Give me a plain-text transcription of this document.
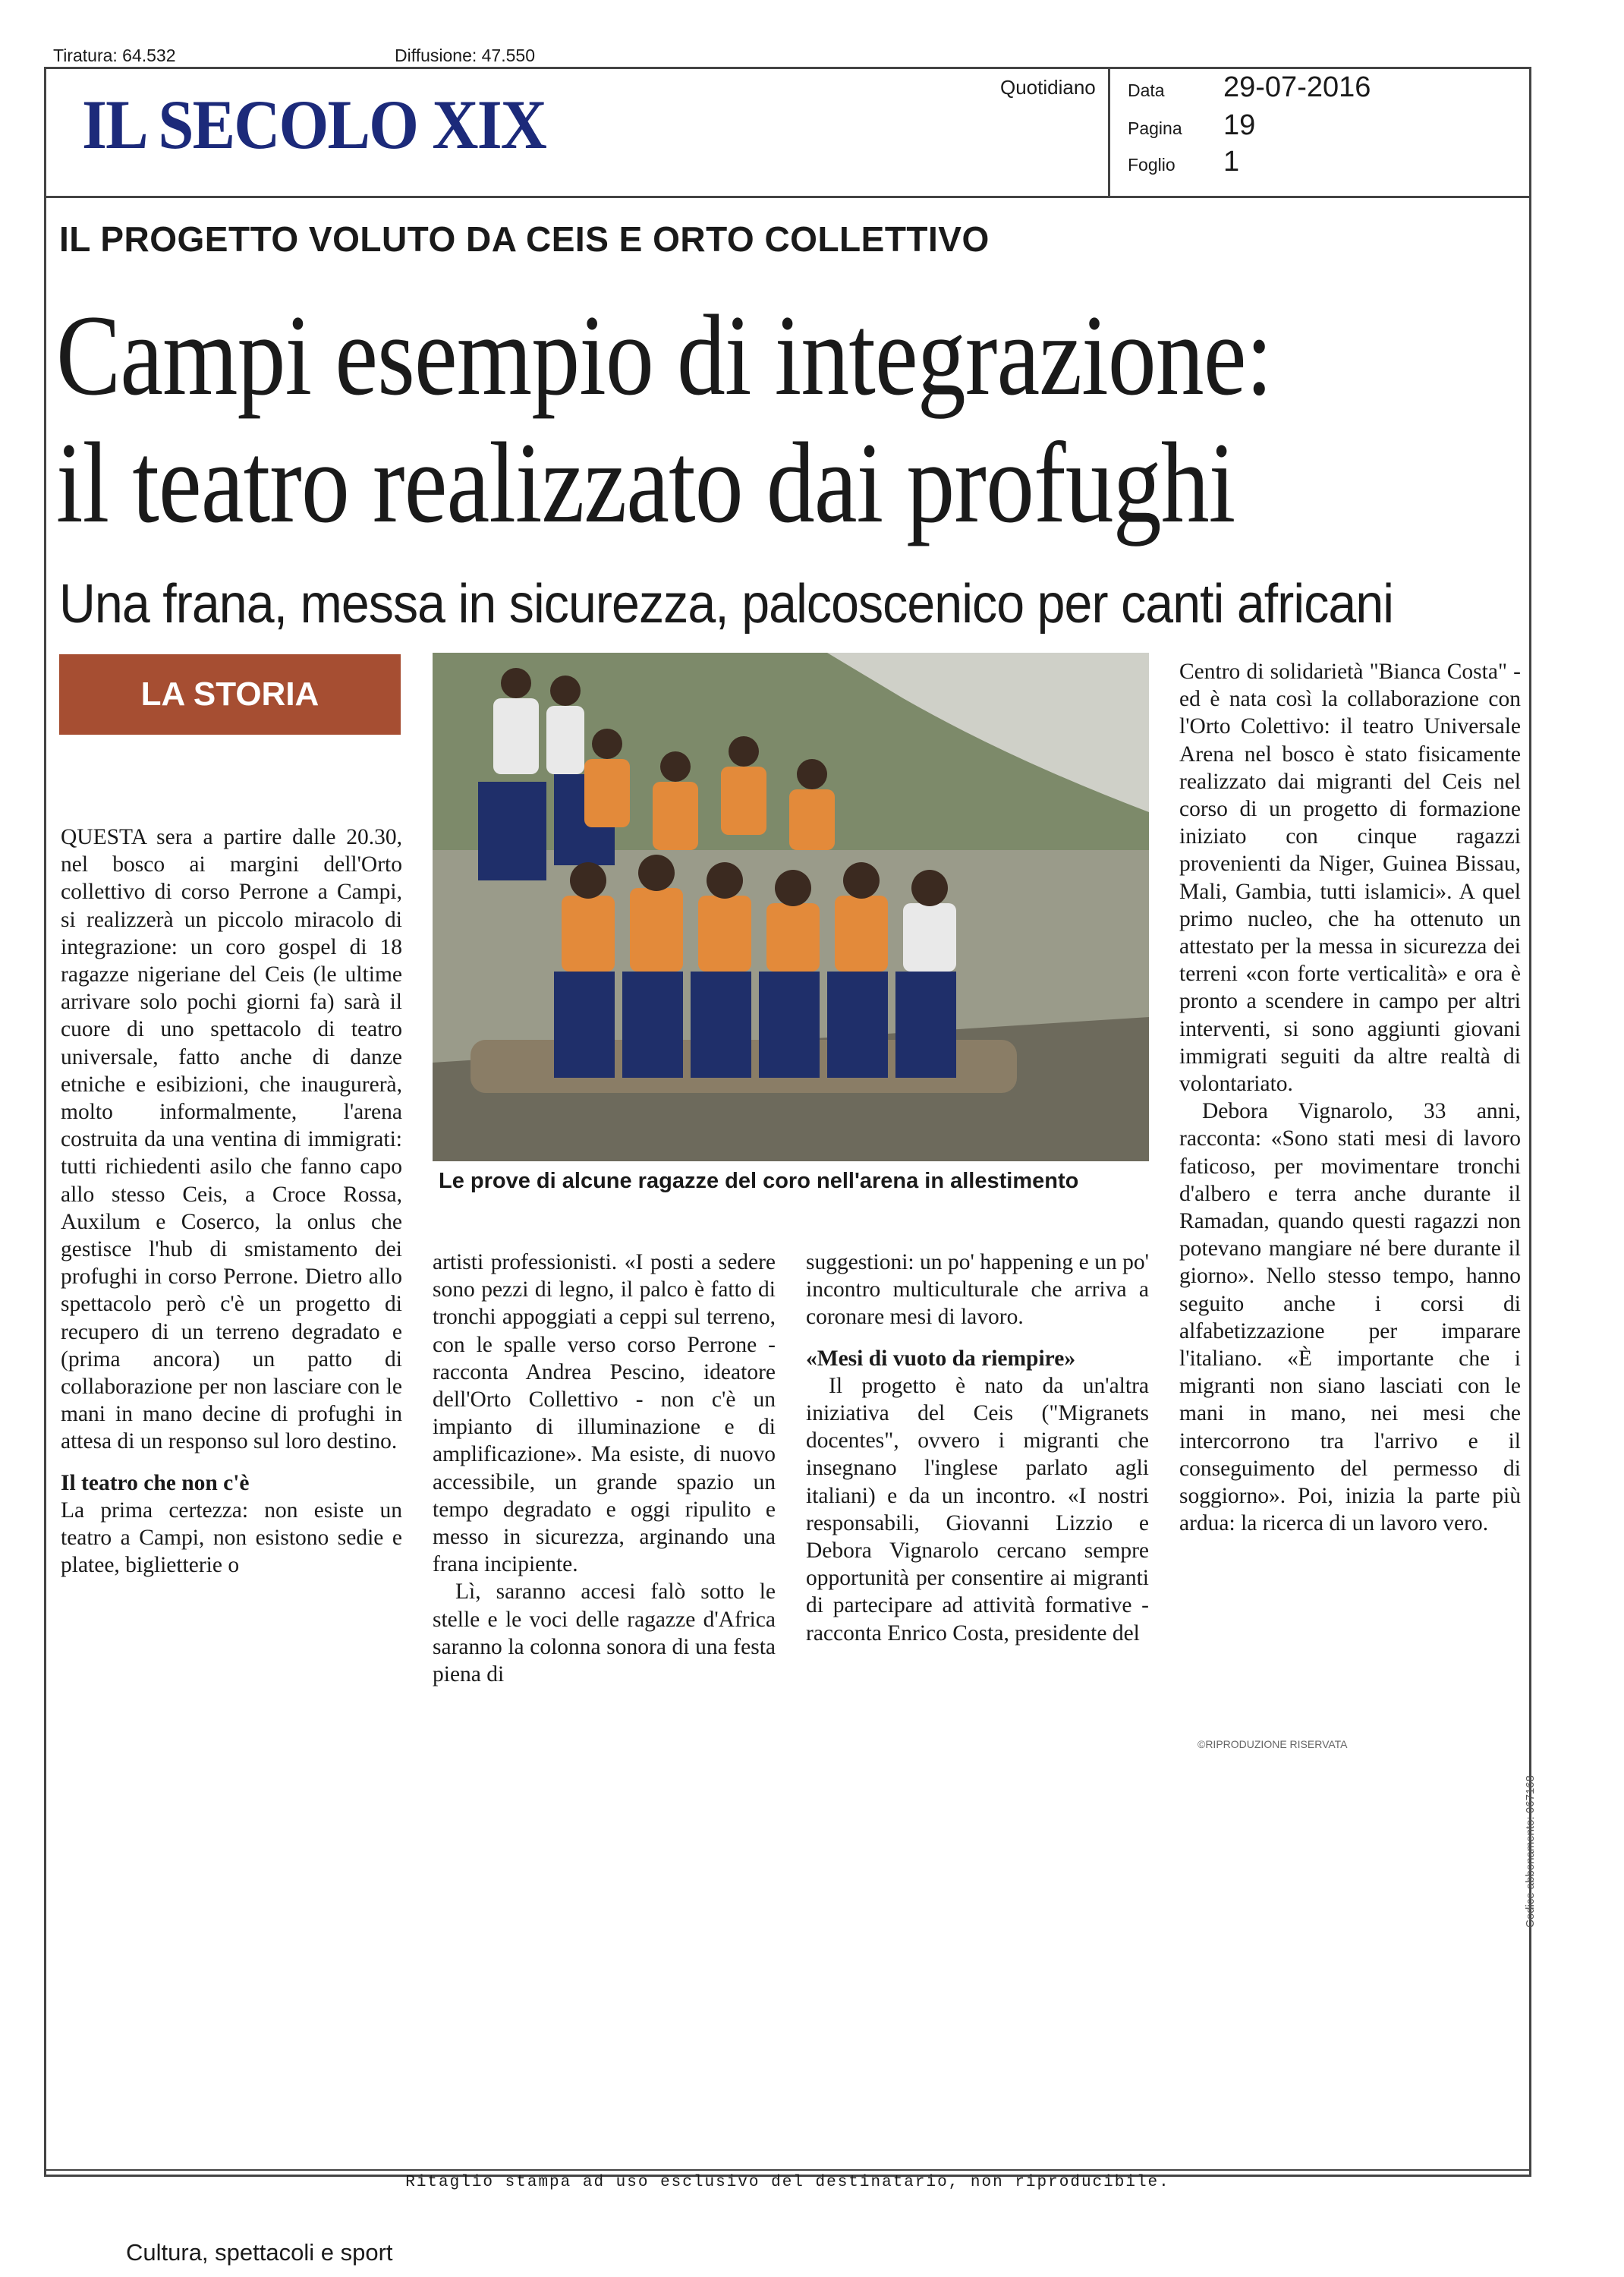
Tiratura: 64.532	Diffusione: 47.550
IL SECOLO XIX	Quotidiano Data 29-07-2016
Pagina 19
Foglio 1
IL PROGETTO VOLUTO DA CEIS E ORTO COLLETTIVO
Campi esempio di integrazione:
il teatro realizzato dai profughi
Una frana, messa in sicurezza, palcoscenico per canti africani
LA STORIA
Le prove di alcune ragazze del coro nell'arena in allestimento

QUESTA sera a partire dalle 20.30, nel bosco ai margini dell'Orto collettivo di corso Perrone a Campi, si realizzerà un piccolo miracolo di integrazione: un coro gospel di 18 ragazze nigeriane del Ceis (le ultime arrivare solo pochi giorni fa) sarà il cuore di uno spettacolo di teatro universale, fatto anche di danze etniche e esibizioni, che inaugurerà, molto informalmente, l'arena costruita da una ventina di immigrati: tutti richiedenti asilo che fanno capo allo stesso Ceis, a Croce Rossa, Auxilum e Coserco, la onlus che gestisce l'hub di smistamento dei profughi in corso Perrone. Dietro allo spettacolo però c'è un progetto di recupero di un terreno degradato e (prima ancora) un patto di collaborazione per non lasciare con le mani in mano decine di profughi in attesa di un responso sul loro destino.

Il teatro che non c'è

La prima certezza: non esiste un teatro a Campi, non esistono sedie e platee, biglietterie o

artisti professionisti. «I posti a sedere sono pezzi di legno, il palco è fatto di tronchi appoggiati a ceppi sul terreno, con le spalle verso corso Perrone - racconta Andrea Pescino, ideatore dell'Orto Collettivo - non c'è un impianto di illuminazione e di amplificazione». Ma esiste, di nuovo accessibile, un grande spazio un tempo degradato e oggi ripulito e messo in sicurezza, arginando una frana incipiente.

Lì, saranno accesi falò sotto le stelle e le voci delle ragazze d'Africa saranno la colonna sonora di una festa piena di

suggestioni: un po' happening e un po' incontro multiculturale che arriva a coronare mesi di lavoro.

«Mesi di vuoto da riempire»

Il progetto è nato da un'altra iniziativa del Ceis ("Migranets docentes", ovvero i migranti che insegnano l'inglese parlato agli italiani) e da un incontro. «I nostri responsabili, Giovanni Lizzio e Debora Vignarolo cercano sempre opportunità per consentire ai migranti di partecipare ad attività formative - racconta Enrico Costa, presidente del

Centro di solidarietà "Bianca Costa" - ed è nata così la collaborazione con l'Orto Colettivo: il teatro Universale Arena nel bosco è stato fisicamente realizzato dai migranti del Ceis nel corso di un progetto di formazione iniziato con cinque ragazzi provenienti da Niger, Guinea Bissau, Mali, Gambia, tutti islamici». A quel primo nucleo, che ha ottenuto un attestato per la messa in sicurezza dei terreni «con forte verticalità» e ora è pronto a scendere in campo per altri interventi, si sono aggiunti giovani immigrati seguiti da altre realtà di volontariato.

Debora Vignarolo, 33 anni, racconta: «Sono stati mesi di lavoro faticoso, per movimentare tronchi d'albero e terra anche durante il Ramadan, quando questi ragazzi non potevano mangiare né bere durante il giorno». Nello stesso tempo, hanno seguito anche i corsi di alfabetizzazione per imparare l'italiano. «È importante che i migranti non siano lasciati con le mani in mano, nei mesi che intercorrono tra l'arrivo e il conseguimento del permesso di soggiorno». Poi, inizia la parte più ardua: la ricerca di un lavoro vero.

©RIPRODUZIONE RISERVATA
Codice abbonamento: 067168
Ritaglio stampa ad uso esclusivo del destinatario, non riproducibile.
Cultura, spettacoli e sport
